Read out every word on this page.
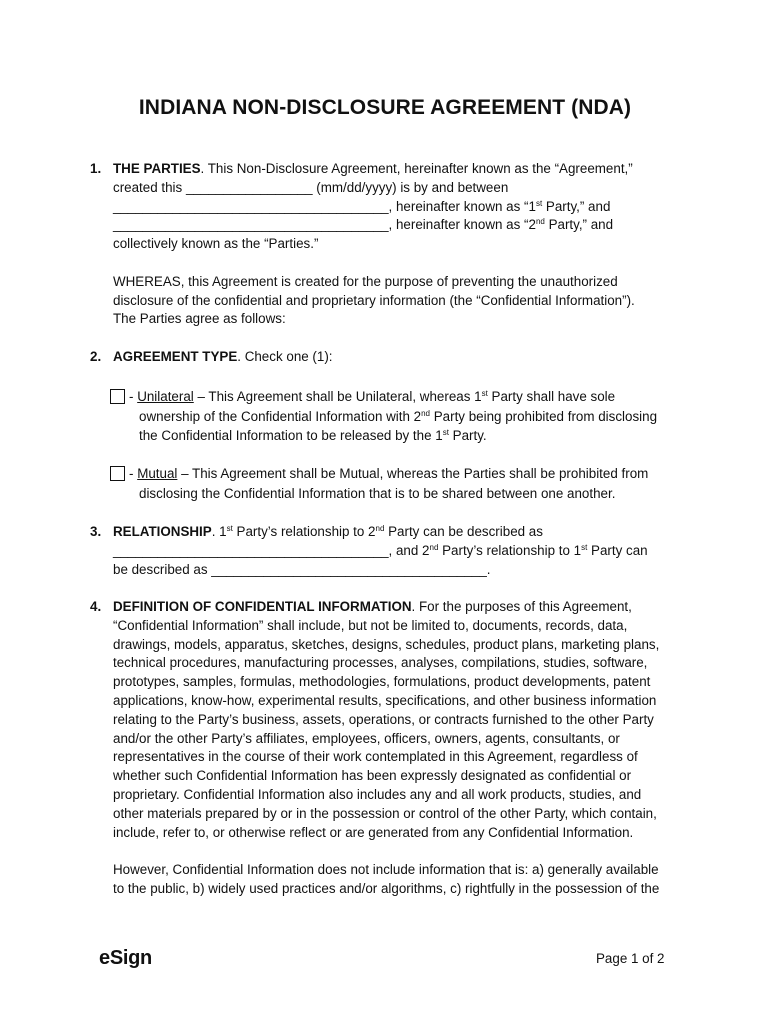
INDIANA NON-DISCLOSURE AGREEMENT (NDA)
1. THE PARTIES. This Non-Disclosure Agreement, hereinafter known as the “Agreement,”
created this _________________ (mm/dd/yyyy) is by and between
_____________________________________, hereinafter known as “1st Party,” and
_____________________________________, hereinafter known as “2nd Party,” and
collectively known as the “Parties.”
WHEREAS, this Agreement is created for the purpose of preventing the unauthorized
disclosure of the confidential and proprietary information (the “Confidential Information”).
The Parties agree as follows:
2. AGREEMENT TYPE. Check one (1):
- Unilateral – This Agreement shall be Unilateral, whereas 1st Party shall have sole
ownership of the Confidential Information with 2nd Party being prohibited from disclosing
the Confidential Information to be released by the 1st Party.
- Mutual – This Agreement shall be Mutual, whereas the Parties shall be prohibited from
disclosing the Confidential Information that is to be shared between one another.
3. RELATIONSHIP. 1st Party’s relationship to 2nd Party can be described as
_____________________________________, and 2nd Party’s relationship to 1st Party can
be described as _____________________________________.
4. DEFINITION OF CONFIDENTIAL INFORMATION. For the purposes of this Agreement,
“Confidential Information” shall include, but not be limited to, documents, records, data,
drawings, models, apparatus, sketches, designs, schedules, product plans, marketing plans,
technical procedures, manufacturing processes, analyses, compilations, studies, software,
prototypes, samples, formulas, methodologies, formulations, product developments, patent
applications, know-how, experimental results, specifications, and other business information
relating to the Party’s business, assets, operations, or contracts furnished to the other Party
and/or the other Party’s affiliates, employees, officers, owners, agents, consultants, or
representatives in the course of their work contemplated in this Agreement, regardless of
whether such Confidential Information has been expressly designated as confidential or
proprietary. Confidential Information also includes any and all work products, studies, and
other materials prepared by or in the possession or control of the other Party, which contain,
include, refer to, or otherwise reflect or are generated from any Confidential Information.
However, Confidential Information does not include information that is: a) generally available
to the public, b) widely used practices and/or algorithms, c) rightfully in the possession of the
eSign	Page 1 of 2
